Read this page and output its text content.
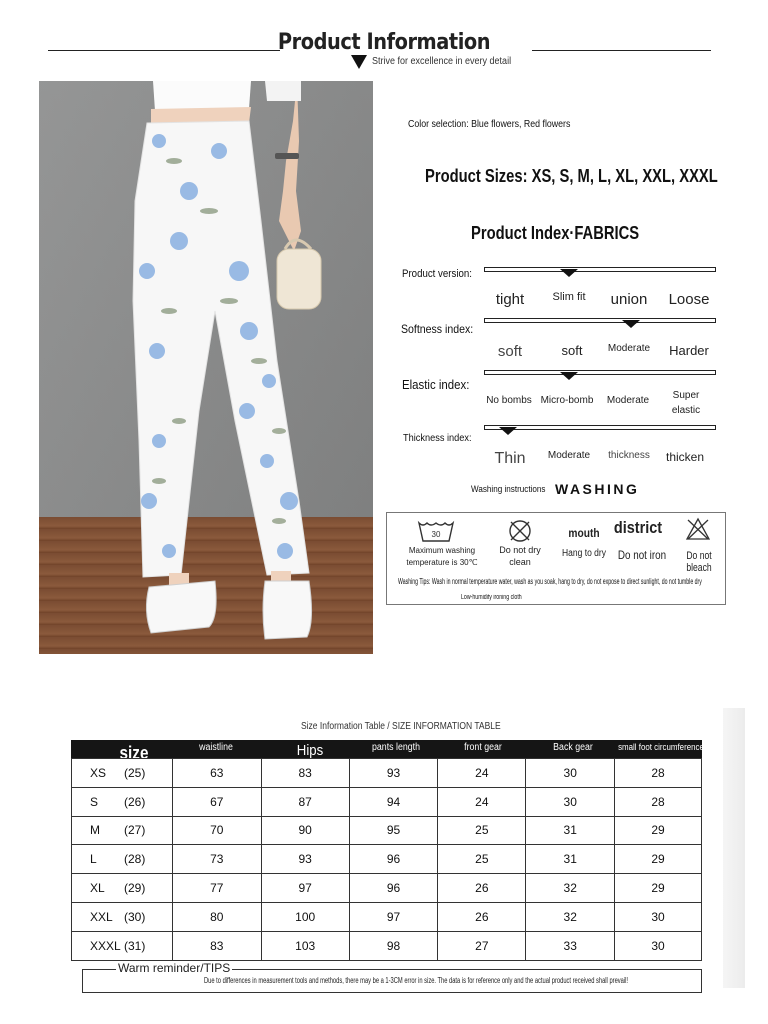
Product Information
Strive for excellence in every detail
Color selection: Blue flowers, Red flowers
Product Sizes: XS, S, M, L, XL, XXL, XXXL
Product Index·FABRICS
Product version:
tight	Slim fit	union	Loose
Softness index:
soft	soft	Moderate	Harder
Elastic index:
No bombs Micro-bomb	Moderate	Super elastic
Thickness index:
Thin	Moderate	thickness	thicken
Washing instructions WASHING
30
Maximum washing temperature is 30℃
Do not dry clean
mouth
Hang to dry
district
Do not iron	Do not bleach
Washing Tips: Wash in normal temperature water, wash as you soak, hang to dry, do not expose to direct sunlight, do not tumble dry
Low-humidity ironing cloth
Size Information Table / SIZE INFORMATION TABLE
size	waistline	Hips	pants length	front gear	Back gear	small foot circumference
XS (25)	63	83	93	24	30	28
S (26)	67	87	94	24	30	28
M (27)	70	90	95	25	31	29
L (28)	73	93	96	25	31	29
XL (29)	77	97	96	26	32	29
XXL (30)	80	100	97	26	32	30
XXXL (31)	83	103	98	27	33	30
Warm reminder/TIPS
Due to differences in measurement tools and methods, there may be a 1-3CM error in size. The data is for reference only and the actual product received shall prevail!
